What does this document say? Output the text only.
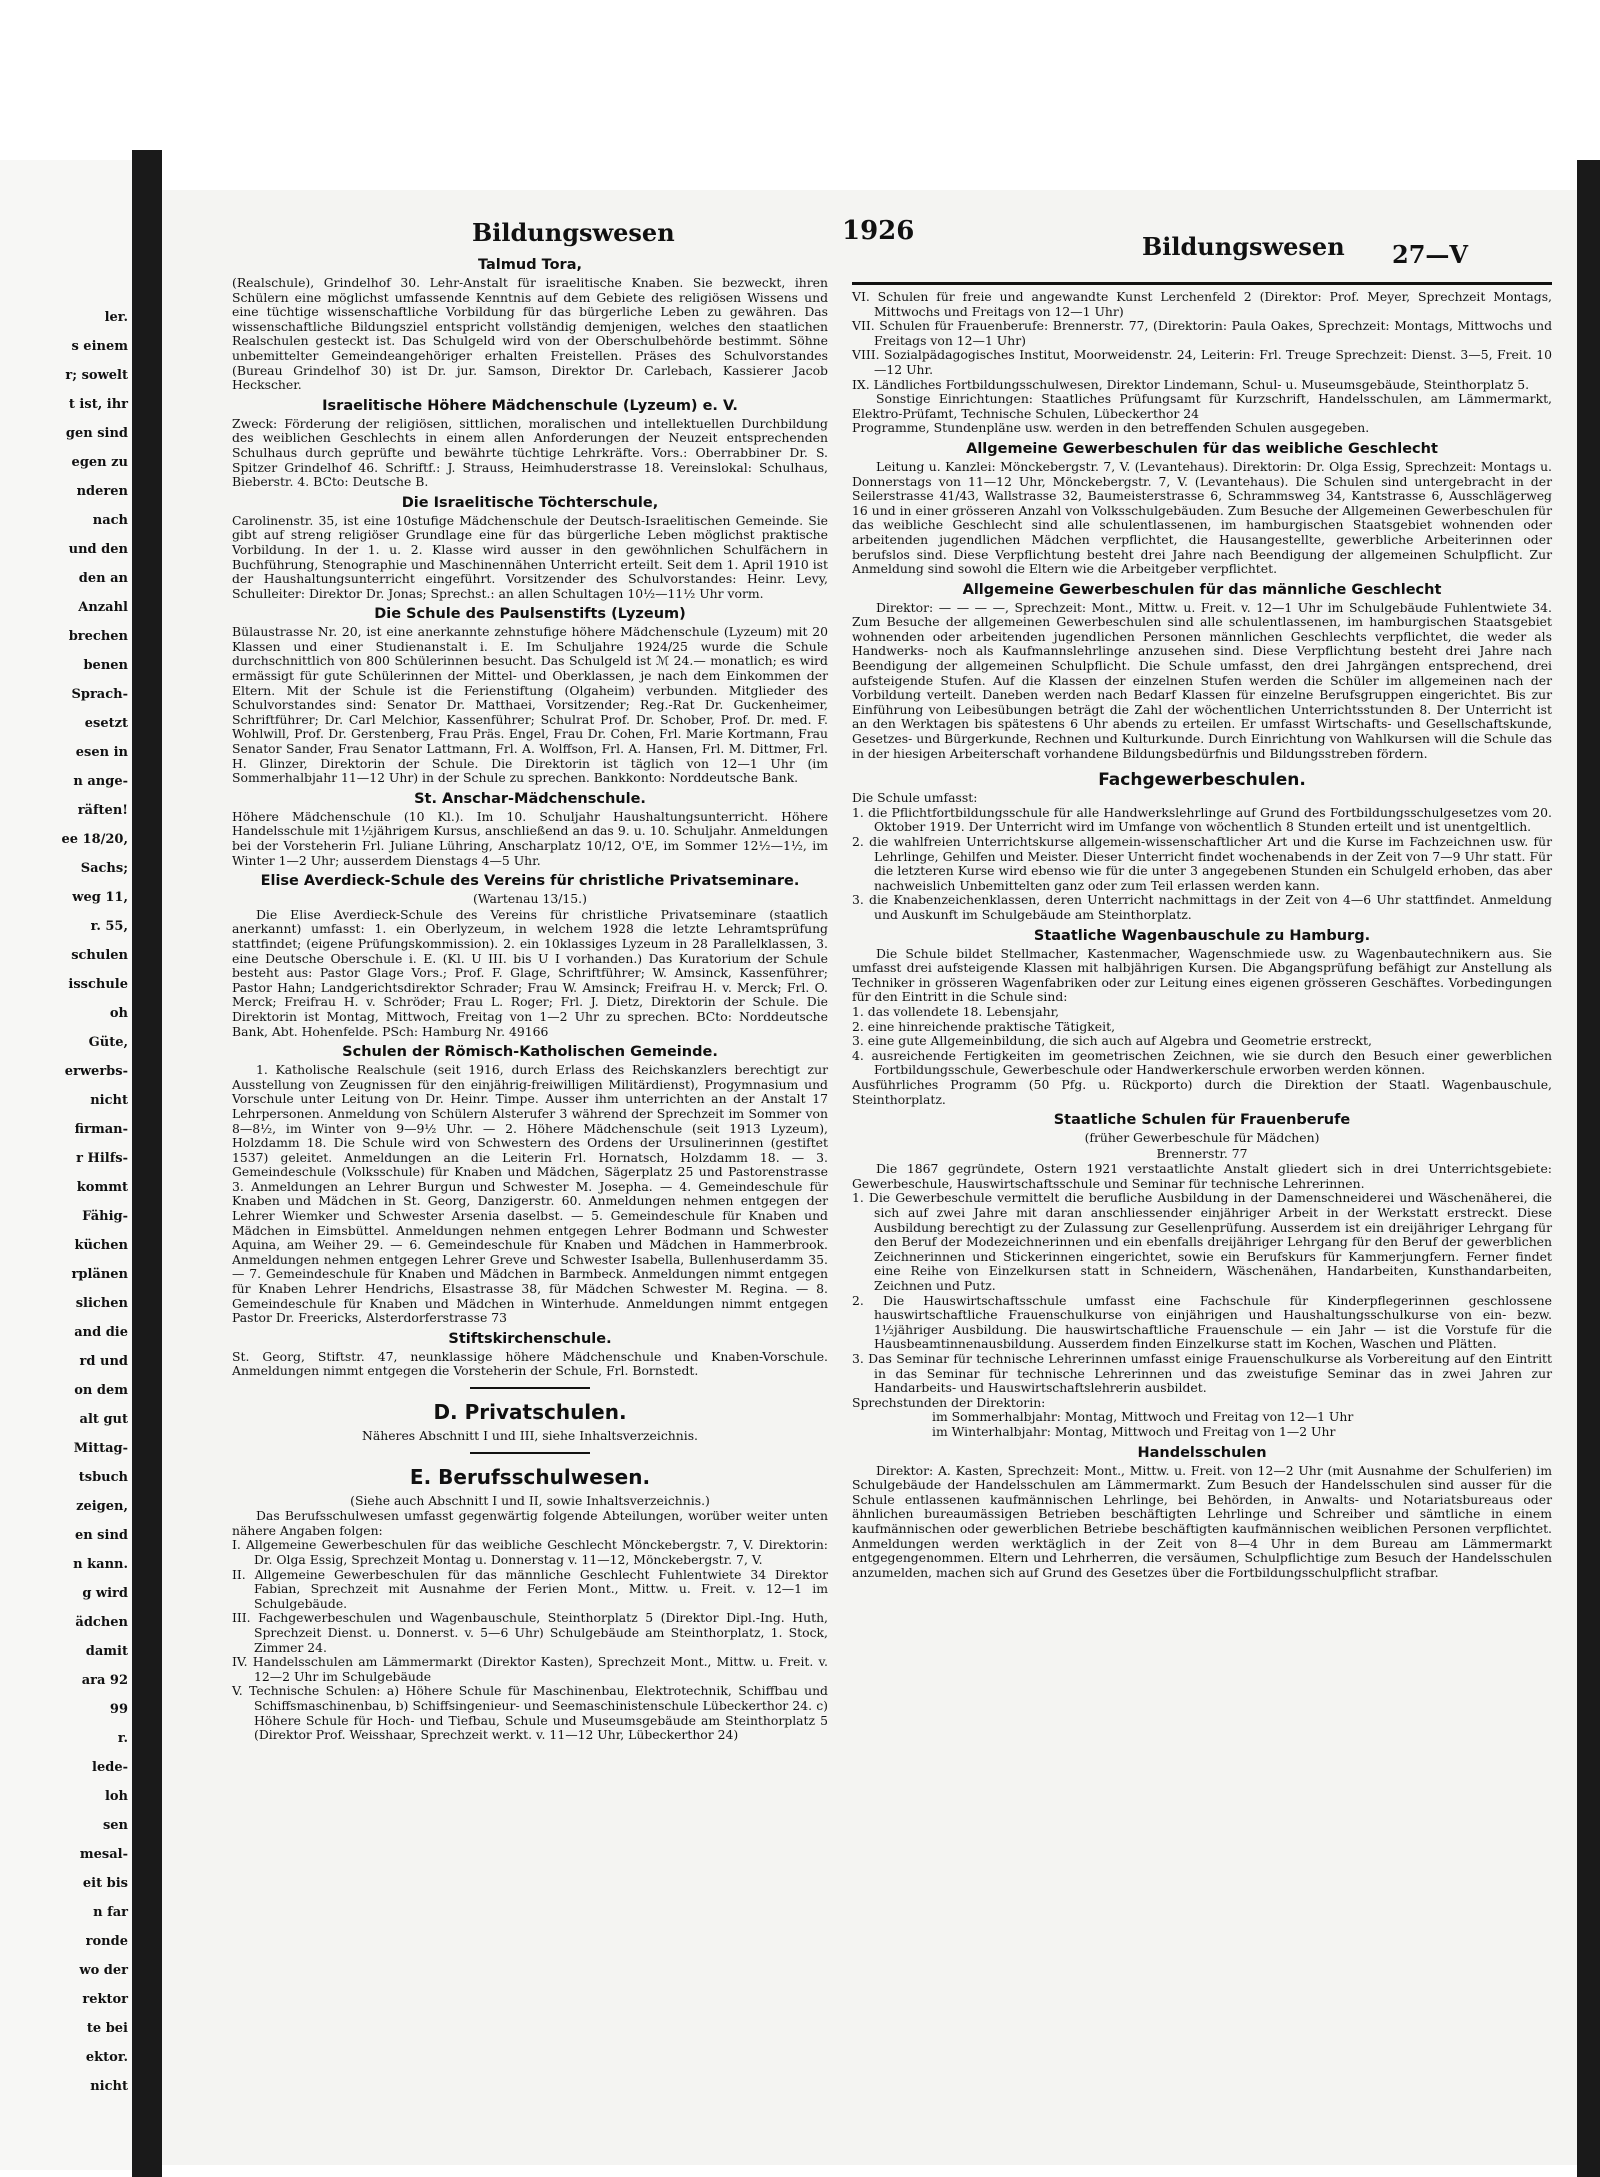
ler.
s einem
r; sowelt
t ist, ihr
gen sind
egen zu
nderen
nach
und den
den an
Anzahl
brechen
benen
Sprach-
esetzt
esen in
n ange-
räften!
ee 18/20,
Sachs;
weg 11,
r. 55,
schulen
isschule
oh
Güte,
erwerbs-
nicht
firman-
r Hilfs-
kommt
Fähig-
küchen
rplänen
slichen
and die
rd und
on dem
alt gut
Mittag-
tsbuch
zeigen,
en sind
n kann.
g wird
ädchen
damit
ara 92
99
r.
lede-
loh
sen
mesal-
eit bis
n far
ronde
wo der
rektor
te bei
ektor.
nicht
Bildungswesen	1926
Bildungswesen 27—V
Talmud Tora,

(Realschule), Grindelhof 30. Lehr-Anstalt für israelitische Knaben. Sie bezweckt, ihren Schülern eine möglichst umfassende Kenntnis auf dem Gebiete des religiösen Wissens und eine tüchtige wissenschaftliche Vorbildung für das bürgerliche Leben zu gewähren. Das wissenschaftliche Bildungsziel entspricht vollständig demjenigen, welches den staatlichen Realschulen gesteckt ist. Das Schulgeld wird von der Oberschulbehörde bestimmt. Söhne unbemittelter Gemeindeangehöriger erhalten Freistellen. Präses des Schulvorstandes (Bureau Grindelhof 30) ist Dr. jur. Samson, Direktor Dr. Carlebach, Kassierer Jacob Heckscher.

Israelitische Höhere Mädchenschule (Lyzeum) e. V.

Zweck: Förderung der religiösen, sittlichen, moralischen und intellektuellen Durchbildung des weiblichen Geschlechts in einem allen Anforderungen der Neuzeit entsprechenden Schulhaus durch geprüfte und bewährte tüchtige Lehrkräfte. Vors.: Oberrabbiner Dr. S. Spitzer Grindelhof 46. Schriftf.: J. Strauss, Heimhuderstrasse 18. Vereinslokal: Schulhaus, Bieberstr. 4. BCto: Deutsche B.

Die Israelitische Töchterschule,

Carolinenstr. 35, ist eine 10stufige Mädchenschule der Deutsch-Israelitischen Gemeinde. Sie gibt auf streng religiöser Grundlage eine für das bürgerliche Leben möglichst praktische Vorbildung. In der 1. u. 2. Klasse wird ausser in den gewöhnlichen Schulfächern in Buchführung, Stenographie und Maschinennähen Unterricht erteilt. Seit dem 1. April 1910 ist der Haushaltungsunterricht eingeführt. Vorsitzender des Schulvorstandes: Heinr. Levy, Schulleiter: Direktor Dr. Jonas; Sprechst.: an allen Schultagen 10½—11½ Uhr vorm.

Die Schule des Paulsenstifts (Lyzeum)

Bülaustrasse Nr. 20, ist eine anerkannte zehnstufige höhere Mädchenschule (Lyzeum) mit 20 Klassen und einer Studienanstalt i. E. Im Schuljahre 1924/25 wurde die Schule durchschnittlich von 800 Schülerinnen besucht. Das Schulgeld ist ℳ 24.— monatlich; es wird ermässigt für gute Schülerinnen der Mittel- und Oberklassen, je nach dem Einkommen der Eltern. Mit der Schule ist die Ferienstiftung (Olgaheim) verbunden. Mitglieder des Schulvorstandes sind: Senator Dr. Matthaei, Vorsitzender; Reg.-Rat Dr. Guckenheimer, Schriftführer; Dr. Carl Melchior, Kassenführer; Schulrat Prof. Dr. Schober, Prof. Dr. med. F. Wohlwill, Prof. Dr. Gerstenberg, Frau Präs. Engel, Frau Dr. Cohen, Frl. Marie Kortmann, Frau Senator Sander, Frau Senator Lattmann, Frl. A. Wolffson, Frl. A. Hansen, Frl. M. Dittmer, Frl. H. Glinzer, Direktorin der Schule. Die Direktorin ist täglich von 12—1 Uhr (im Sommerhalbjahr 11—12 Uhr) in der Schule zu sprechen. Bankkonto: Norddeutsche Bank.

St. Anschar-Mädchenschule.

Höhere Mädchenschule (10 Kl.). Im 10. Schuljahr Haushaltungsunterricht. Höhere Handelsschule mit 1½jährigem Kursus, anschließend an das 9. u. 10. Schuljahr. Anmeldungen bei der Vorsteherin Frl. Juliane Lühring, Anscharplatz 10/12, O'E, im Sommer 12½—1½, im Winter 1—2 Uhr; ausserdem Dienstags 4—5 Uhr.

Elise Averdieck-Schule des Vereins für christliche Privatseminare.
(Wartenau 13/15.)

Die Elise Averdieck-Schule des Vereins für christliche Privatseminare (staatlich anerkannt) umfasst: 1. ein Oberlyzeum, in welchem 1928 die letzte Lehramtsprüfung stattfindet; (eigene Prüfungskommission). 2. ein 10klassiges Lyzeum in 28 Parallelklassen, 3. eine Deutsche Oberschule i. E. (Kl. U III. bis U I vorhanden.) Das Kuratorium der Schule besteht aus: Pastor Glage Vors.; Prof. F. Glage, Schriftführer; W. Amsinck, Kassenführer; Pastor Hahn; Landgerichtsdirektor Schrader; Frau W. Amsinck; Freifrau H. v. Merck; Frl. O. Merck; Freifrau H. v. Schröder; Frau L. Roger; Frl. J. Dietz, Direktorin der Schule. Die Direktorin ist Montag, Mittwoch, Freitag von 1—2 Uhr zu sprechen. BCto: Norddeutsche Bank, Abt. Hohenfelde. PSch: Hamburg Nr. 49166

Schulen der Römisch-Katholischen Gemeinde.

1. Katholische Realschule (seit 1916, durch Erlass des Reichskanzlers berechtigt zur Ausstellung von Zeugnissen für den einjährig-freiwilligen Militärdienst), Progymnasium und Vorschule unter Leitung von Dr. Heinr. Timpe. Ausser ihm unterrichten an der Anstalt 17 Lehrpersonen. Anmeldung von Schülern Alsterufer 3 während der Sprechzeit im Sommer von 8—8½, im Winter von 9—9½ Uhr. — 2. Höhere Mädchenschule (seit 1913 Lyzeum), Holzdamm 18. Die Schule wird von Schwestern des Ordens der Ursulinerinnen (gestiftet 1537) geleitet. Anmeldungen an die Leiterin Frl. Hornatsch, Holzdamm 18. — 3. Gemeindeschule (Volksschule) für Knaben und Mädchen, Sägerplatz 25 und Pastorenstrasse 3. Anmeldungen an Lehrer Burgun und Schwester M. Josepha. — 4. Gemeindeschule für Knaben und Mädchen in St. Georg, Danzigerstr. 60. Anmeldungen nehmen entgegen der Lehrer Wiemker und Schwester Arsenia daselbst. — 5. Gemeindeschule für Knaben und Mädchen in Eimsbüttel. Anmeldungen nehmen entgegen Lehrer Bodmann und Schwester Aquina, am Weiher 29. — 6. Gemeindeschule für Knaben und Mädchen in Hammerbrook. Anmeldungen nehmen entgegen Lehrer Greve und Schwester Isabella, Bullenhuserdamm 35. — 7. Gemeindeschule für Knaben und Mädchen in Barmbeck. Anmeldungen nimmt entgegen für Knaben Lehrer Hendrichs, Elsastrasse 38, für Mädchen Schwester M. Regina. — 8. Gemeindeschule für Knaben und Mädchen in Winterhude. Anmeldungen nimmt entgegen Pastor Dr. Freericks, Alsterdorferstrasse 73

Stiftskirchenschule.

St. Georg, Stiftstr. 47, neunklassige höhere Mädchenschule und Knaben-Vorschule. Anmeldungen nimmt entgegen die Vorsteherin der Schule, Frl. Bornstedt.

D. Privatschulen.
Näheres Abschnitt I und III, siehe Inhaltsverzeichnis.
E. Berufsschulwesen.
(Siehe auch Abschnitt I und II, sowie Inhaltsverzeichnis.)

Das Berufsschulwesen umfasst gegenwärtig folgende Abteilungen, worüber weiter unten nähere Angaben folgen:

I. Allgemeine Gewerbeschulen für das weibliche Geschlecht Mönckebergstr. 7, V. Direktorin: Dr. Olga Essig, Sprechzeit Montag u. Donnerstag v. 11—12, Mönckebergstr. 7, V.

II. Allgemeine Gewerbeschulen für das männliche Geschlecht Fuhlentwiete 34 Direktor Fabian, Sprechzeit mit Ausnahme der Ferien Mont., Mittw. u. Freit. v. 12—1 im Schulgebäude.

III. Fachgewerbeschulen und Wagenbauschule, Steinthorplatz 5 (Direktor Dipl.-Ing. Huth, Sprechzeit Dienst. u. Donnerst. v. 5—6 Uhr) Schulgebäude am Steinthorplatz, 1. Stock, Zimmer 24.

IV. Handelsschulen am Lämmermarkt (Direktor Kasten), Sprechzeit Mont., Mittw. u. Freit. v. 12—2 Uhr im Schulgebäude

V. Technische Schulen: a) Höhere Schule für Maschinenbau, Elektrotechnik, Schiffbau und Schiffsmaschinenbau, b) Schiffsingenieur- und Seemaschinistenschule Lübeckerthor 24. c) Höhere Schule für Hoch- und Tiefbau, Schule und Museumsgebäude am Steinthorplatz 5 (Direktor Prof. Weisshaar, Sprechzeit werkt. v. 11—12 Uhr, Lübeckerthor 24)

VI. Schulen für freie und angewandte Kunst Lerchenfeld 2 (Direktor: Prof. Meyer, Sprechzeit Montags, Mittwochs und Freitags von 12—1 Uhr)

VII. Schulen für Frauenberufe: Brennerstr. 77, (Direktorin: Paula Oakes, Sprechzeit: Montags, Mittwochs und Freitags von 12—1 Uhr)

VIII. Sozialpädagogisches Institut, Moorweidenstr. 24, Leiterin: Frl. Treuge Sprechzeit: Dienst. 3—5, Freit. 10—12 Uhr.

IX. Ländliches Fortbildungsschulwesen, Direktor Lindemann, Schul- u. Museumsgebäude, Steinthorplatz 5.

Sonstige Einrichtungen: Staatliches Prüfungsamt für Kurzschrift, Handelsschulen, am Lämmermarkt, Elektro-Prüfamt, Technische Schulen, Lübeckerthor 24

Programme, Stundenpläne usw. werden in den betreffenden Schulen ausgegeben.

Allgemeine Gewerbeschulen für das weibliche Geschlecht

Leitung u. Kanzlei: Mönckebergstr. 7, V. (Levantehaus). Direktorin: Dr. Olga Essig, Sprechzeit: Montags u. Donnerstags von 11—12 Uhr, Mönckebergstr. 7, V. (Levantehaus). Die Schulen sind untergebracht in der Seilerstrasse 41/43, Wallstrasse 32, Baumeisterstrasse 6, Schrammsweg 34, Kantstrasse 6, Ausschlägerweg 16 und in einer grösseren Anzahl von Volksschulgebäuden. Zum Besuche der Allgemeinen Gewerbeschulen für das weibliche Geschlecht sind alle schulentlassenen, im hamburgischen Staatsgebiet wohnenden oder arbeitenden jugendlichen Mädchen verpflichtet, die Hausangestellte, gewerbliche Arbeiterinnen oder berufslos sind. Diese Verpflichtung besteht drei Jahre nach Beendigung der allgemeinen Schulpflicht. Zur Anmeldung sind sowohl die Eltern wie die Arbeitgeber verpflichtet.

Allgemeine Gewerbeschulen für das männliche Geschlecht

Direktor: — — — —, Sprechzeit: Mont., Mittw. u. Freit. v. 12—1 Uhr im Schulgebäude Fuhlentwiete 34. Zum Besuche der allgemeinen Gewerbeschulen sind alle schulentlassenen, im hamburgischen Staatsgebiet wohnenden oder arbeitenden jugendlichen Personen männlichen Geschlechts verpflichtet, die weder als Handwerks- noch als Kaufmannslehrlinge anzusehen sind. Diese Verpflichtung besteht drei Jahre nach Beendigung der allgemeinen Schulpflicht. Die Schule umfasst, den drei Jahrgängen entsprechend, drei aufsteigende Stufen. Auf die Klassen der einzelnen Stufen werden die Schüler im allgemeinen nach der Vorbildung verteilt. Daneben werden nach Bedarf Klassen für einzelne Berufsgruppen eingerichtet. Bis zur Einführung von Leibesübungen beträgt die Zahl der wöchentlichen Unterrichtsstunden 8. Der Unterricht ist an den Werktagen bis spätestens 6 Uhr abends zu erteilen. Er umfasst Wirtschafts- und Gesellschaftskunde, Gesetzes- und Bürgerkunde, Rechnen und Kulturkunde. Durch Einrichtung von Wahlkursen will die Schule das in der hiesigen Arbeiterschaft vorhandene Bildungsbedürfnis und Bildungsstreben fördern.

Fachgewerbeschulen.

Die Schule umfasst:

1. die Pflichtfortbildungsschule für alle Handwerkslehrlinge auf Grund des Fortbildungsschulgesetzes vom 20. Oktober 1919. Der Unterricht wird im Umfange von wöchentlich 8 Stunden erteilt und ist unentgeltlich.

2. die wahlfreien Unterrichtskurse allgemein-wissenschaftlicher Art und die Kurse im Fachzeichnen usw. für Lehrlinge, Gehilfen und Meister. Dieser Unterricht findet wochenabends in der Zeit von 7—9 Uhr statt. Für die letzteren Kurse wird ebenso wie für die unter 3 angegebenen Stunden ein Schulgeld erhoben, das aber nachweislich Unbemittelten ganz oder zum Teil erlassen werden kann.

3. die Knabenzeichenklassen, deren Unterricht nachmittags in der Zeit von 4—6 Uhr stattfindet. Anmeldung und Auskunft im Schulgebäude am Steinthorplatz.

Staatliche Wagenbauschule zu Hamburg.

Die Schule bildet Stellmacher, Kastenmacher, Wagenschmiede usw. zu Wagenbautechnikern aus. Sie umfasst drei aufsteigende Klassen mit halbjährigen Kursen. Die Abgangsprüfung befähigt zur Anstellung als Techniker in grösseren Wagenfabriken oder zur Leitung eines eigenen grösseren Geschäftes. Vorbedingungen für den Eintritt in die Schule sind:

1. das vollendete 18. Lebensjahr,

2. eine hinreichende praktische Tätigkeit,

3. eine gute Allgemeinbildung, die sich auch auf Algebra und Geometrie erstreckt,

4. ausreichende Fertigkeiten im geometrischen Zeichnen, wie sie durch den Besuch einer gewerblichen Fortbildungsschule, Gewerbeschule oder Handwerkerschule erworben werden können.

Ausführliches Programm (50 Pfg. u. Rückporto) durch die Direktion der Staatl. Wagenbauschule, Steinthorplatz.

Staatliche Schulen für Frauenberufe
(früher Gewerbeschule für Mädchen)
Brennerstr. 77

Die 1867 gegründete, Ostern 1921 verstaatlichte Anstalt gliedert sich in drei Unterrichtsgebiete: Gewerbeschule, Hauswirtschaftsschule und Seminar für technische Lehrerinnen.

1. Die Gewerbeschule vermittelt die berufliche Ausbildung in der Damenschneiderei und Wäschenäherei, die sich auf zwei Jahre mit daran anschliessender einjähriger Arbeit in der Werkstatt erstreckt. Diese Ausbildung berechtigt zu der Zulassung zur Gesellenprüfung. Ausserdem ist ein dreijähriger Lehrgang für den Beruf der Modezeichnerinnen und ein ebenfalls dreijähriger Lehrgang für den Beruf der gewerblichen Zeichnerinnen und Stickerinnen eingerichtet, sowie ein Berufskurs für Kammerjungfern. Ferner findet eine Reihe von Einzelkursen statt in Schneidern, Wäschenähen, Handarbeiten, Kunsthandarbeiten, Zeichnen und Putz.

2. Die Hauswirtschaftsschule umfasst eine Fachschule für Kinderpflegerinnen geschlossene hauswirtschaftliche Frauenschulkurse von einjährigen und Haushaltungsschulkurse von ein- bezw. 1½jähriger Ausbildung. Die hauswirtschaftliche Frauenschule — ein Jahr — ist die Vorstufe für die Hausbeamtinnenausbildung. Ausserdem finden Einzelkurse statt im Kochen, Waschen und Plätten.

3. Das Seminar für technische Lehrerinnen umfasst einige Frauenschulkurse als Vorbereitung auf den Eintritt in das Seminar für technische Lehrerinnen und das zweistufige Seminar das in zwei Jahren zur Handarbeits- und Hauswirtschaftslehrerin ausbildet.

Sprechstunden der Direktorin:

im Sommerhalbjahr: Montag, Mittwoch und Freitag von 12—1 Uhr

im Winterhalbjahr: Montag, Mittwoch und Freitag von 1—2 Uhr

Handelsschulen

Direktor: A. Kasten, Sprechzeit: Mont., Mittw. u. Freit. von 12—2 Uhr (mit Ausnahme der Schulferien) im Schulgebäude der Handelsschulen am Lämmermarkt. Zum Besuch der Handelsschulen sind ausser für die Schule entlassenen kaufmännischen Lehrlinge, bei Behörden, in Anwalts- und Notariatsbureaus oder ähnlichen bureaumässigen Betrieben beschäftigten Lehrlinge und Schreiber und sämtliche in einem kaufmännischen oder gewerblichen Betriebe beschäftigten kaufmännischen weiblichen Personen verpflichtet. Anmeldungen werden werktäglich in der Zeit von 8—4 Uhr in dem Bureau am Lämmermarkt entgegengenommen. Eltern und Lehrherren, die versäumen, Schulpflichtige zum Besuch der Handelsschulen anzumelden, machen sich auf Grund des Gesetzes über die Fortbildungsschulpflicht strafbar.
